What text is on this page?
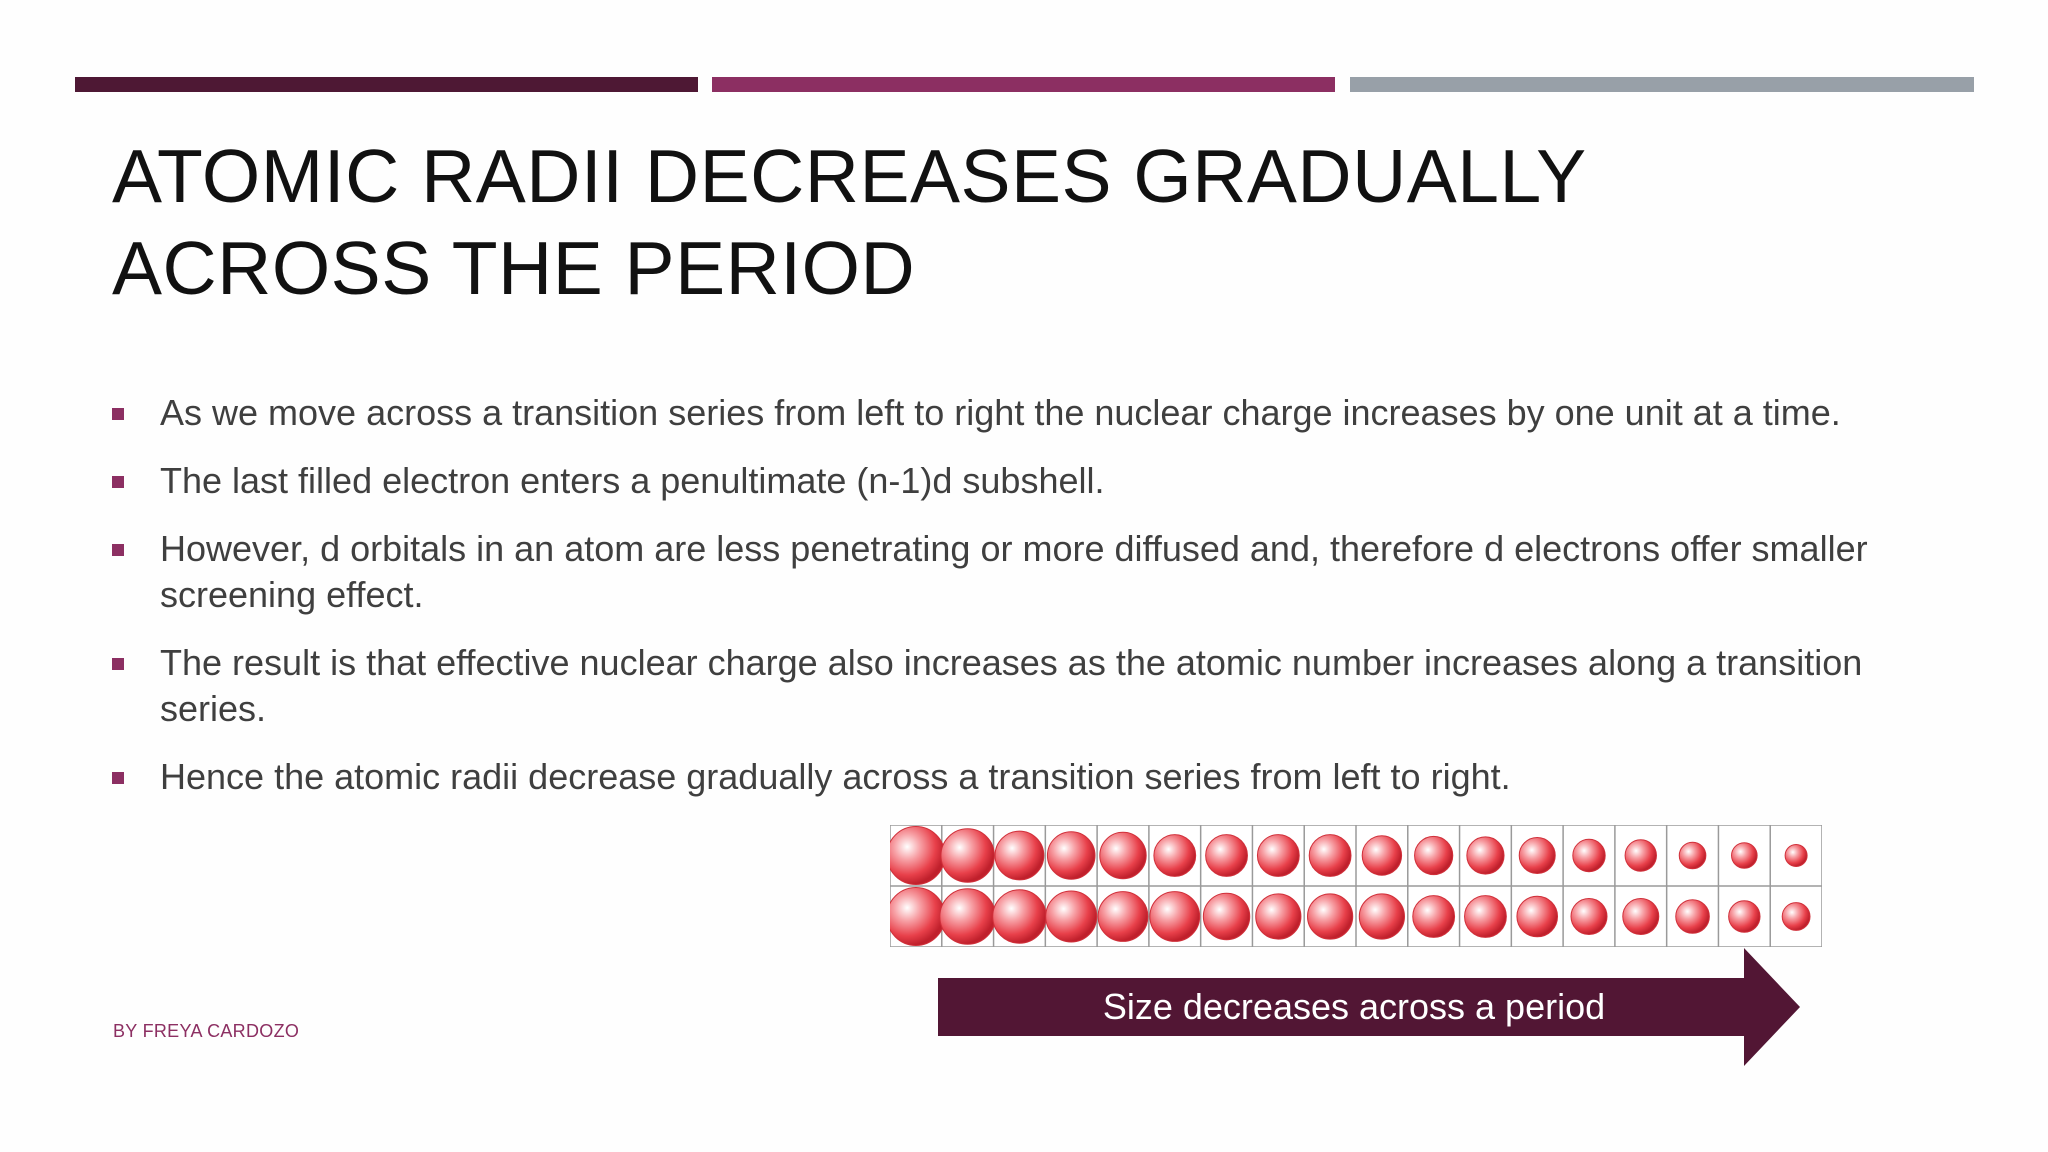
ATOMIC RADII DECREASES GRADUALLY
ACROSS THE PERIOD
As we move across a transition series from left to right the nuclear charge increases by one unit at a time.
The last filled electron enters a penultimate (n-1)d subshell.
However, d orbitals in an atom are less penetrating or more diffused and, therefore d electrons offer smaller screening effect.
The result is that effective nuclear charge also increases as the atomic number increases along a transition series.
Hence the atomic radii decrease gradually across a transition series from left to right.
Size decreases across a period
BY FREYA CARDOZO
